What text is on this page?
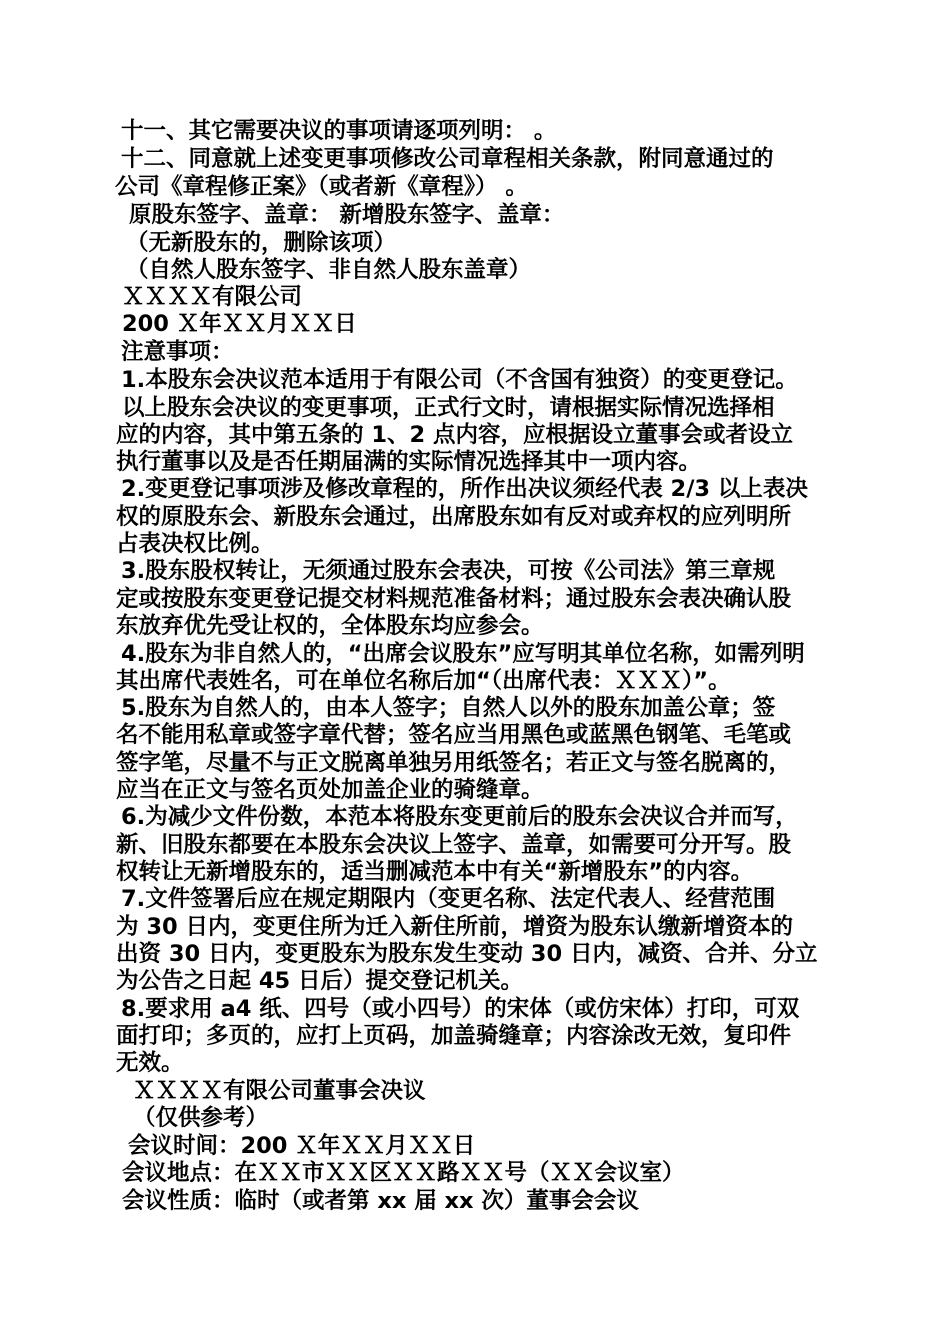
十一、其它需要决议的事项请逐项列明： 。

十二、同意就上述变更事项修改公司章程相关条款，附同意通过的

公司《章程修正案》（或者新《章程》） 。

原股东签字、盖章： 新增股东签字、盖章：

（无新股东的，删除该项）

（自然人股东签字、非自然人股东盖章）

ＸＸＸＸ有限公司

200 Ｘ年ＸＸ月ＸＸ日

注意事项：

1.本股东会决议范本适用于有限公司（不含国有独资）的变更登记。

以上股东会决议的变更事项，正式行文时，请根据实际情况选择相

应的内容，其中第五条的 1、2 点内容，应根据设立董事会或者设立

执行董事以及是否任期届满的实际情况选择其中一项内容。

2.变更登记事项涉及修改章程的，所作出决议须经代表 2/3 以上表决

权的原股东会、新股东会通过，出席股东如有反对或弃权的应列明所

占表决权比例。

3.股东股权转让，无须通过股东会表决，可按《公司法》第三章规

定或按股东变更登记提交材料规范准备材料；通过股东会表决确认股

东放弃优先受让权的，全体股东均应参会。

4.股东为非自然人的，“出席会议股东”应写明其单位名称，如需列明

其出席代表姓名，可在单位名称后加“（出席代表：ＸＸＸ）”。

5.股东为自然人的，由本人签字；自然人以外的股东加盖公章；签

名不能用私章或签字章代替；签名应当用黑色或蓝黑色钢笔、毛笔或

签字笔，尽量不与正文脱离单独另用纸签名；若正文与签名脱离的，

应当在正文与签名页处加盖企业的骑缝章。

6.为减少文件份数，本范本将股东变更前后的股东会决议合并而写，

新、旧股东都要在本股东会决议上签字、盖章，如需要可分开写。股

权转让无新增股东的，适当删减范本中有关“新增股东”的内容。

7.文件签署后应在规定期限内（变更名称、法定代表人、经营范围

为 30 日内，变更住所为迁入新住所前，增资为股东认缴新增资本的

出资 30 日内，变更股东为股东发生变动 30 日内，减资、合并、分立

为公告之日起 45 日后）提交登记机关。

8.要求用 a4 纸、四号（或小四号）的宋体（或仿宋体）打印，可双

面打印；多页的，应打上页码，加盖骑缝章；内容涂改无效，复印件

无效。

ＸＸＸＸ有限公司董事会决议

（仅供参考）

会议时间：200 Ｘ年ＸＸ月ＸＸ日

会议地点：在ＸＸ市ＸＸ区ＸＸ路ＸＸ号（ＸＸ会议室）

会议性质：临时（或者第 xx 届 xx 次）董事会会议
